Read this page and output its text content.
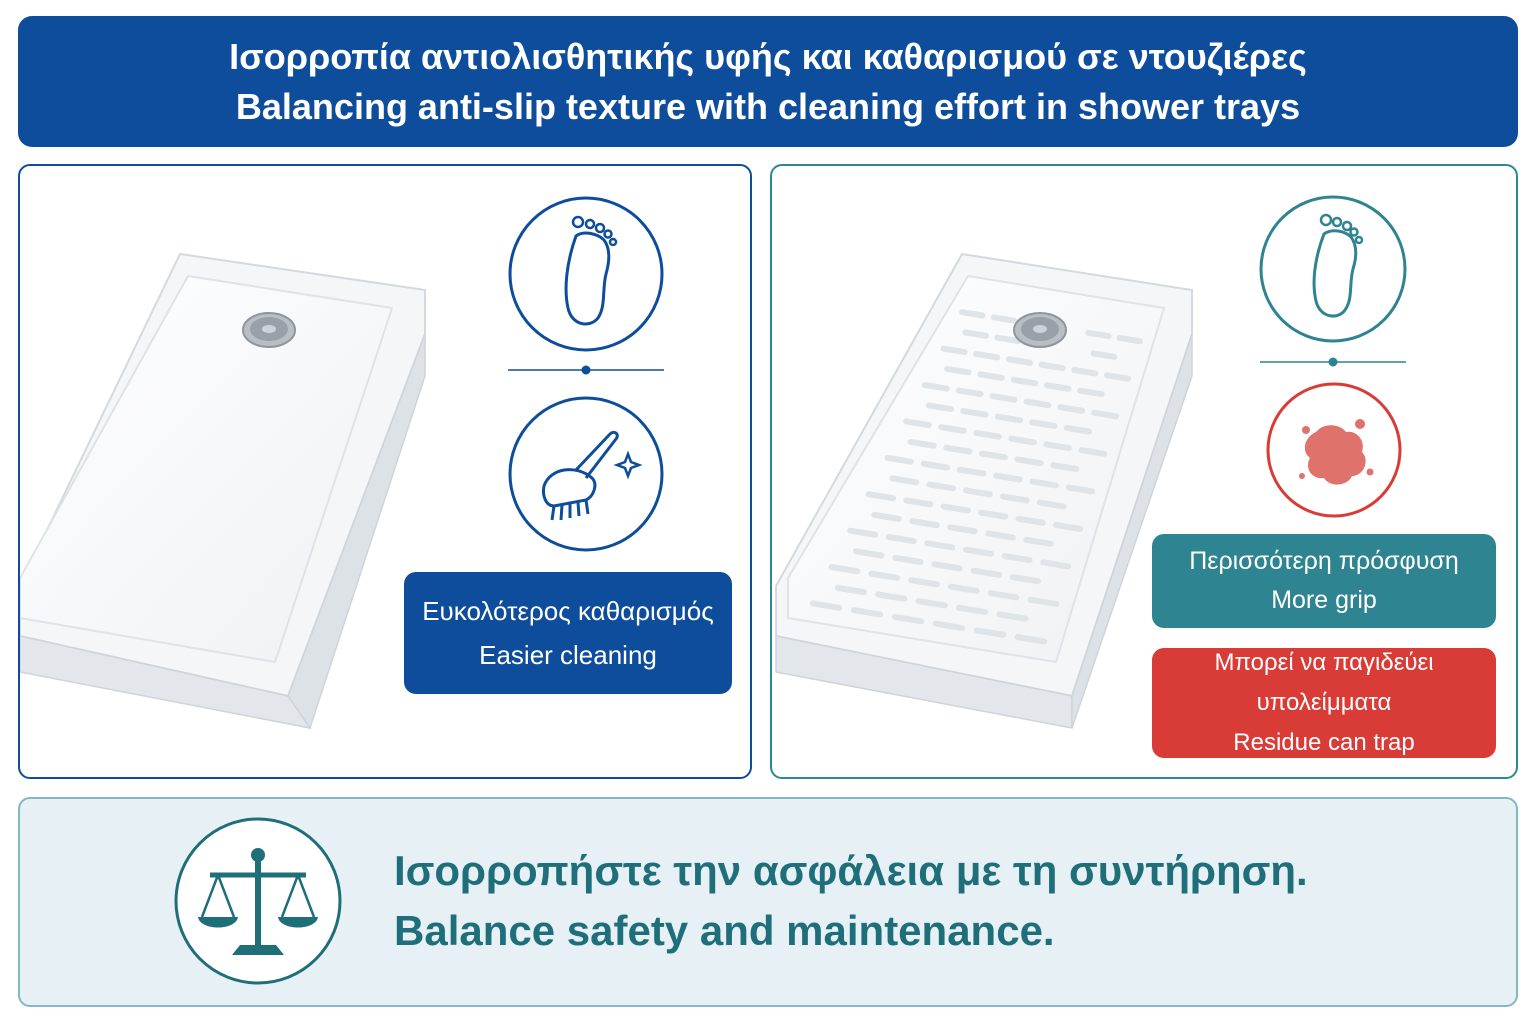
Ισορροπία αντιολισθητικής υφής και καθαρισμού σε ντουζιέρες
Balancing anti-slip texture with cleaning effort in shower trays
Ευκολότερος καθαρισμός
Easier cleaning
Περισσότερη πρόσφυση
More grip
Μπορεί να παγιδεύει υπολείμματα
Residue can trap
Ισορροπήστε την ασφάλεια με τη συντήρηση.
Balance safety and maintenance.
